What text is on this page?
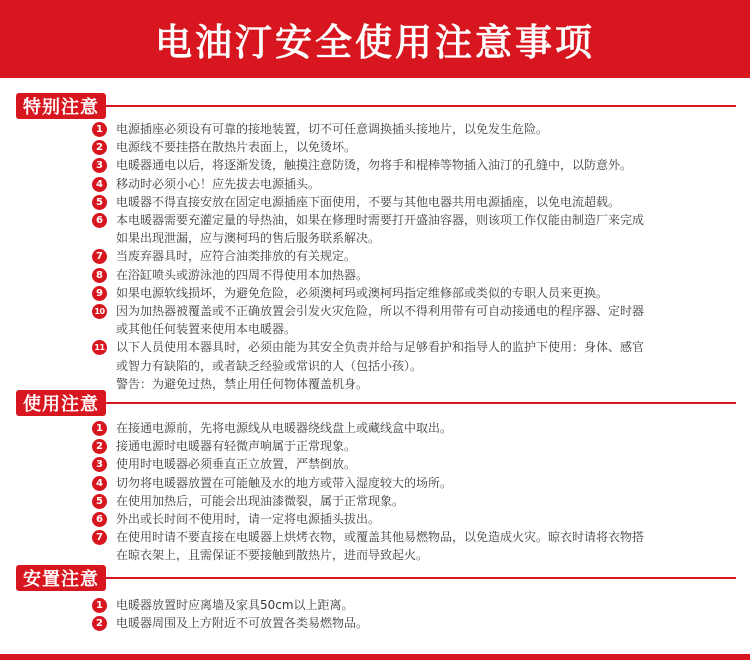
电油汀安全使用注意事项
特别注意
1	电源插座必须设有可靠的接地装置，切不可任意调换插头接地片，以免发生危险。
2	电源线不要挂搭在散热片表面上，以免烫坏。
3	电暖器通电以后，将逐渐发烫，触摸注意防烫，勿将手和棍棒等物插入油汀的孔缝中，以防意外。
4	移动时必须小心！应先拔去电源插头。
5	电暖器不得直接安放在固定电源插座下面使用，不要与其他电器共用电源插座，以免电流超载。
6	本电暖器需要充灌定量的导热油，如果在修理时需要打开盛油容器，则该项工作仅能由制造厂来完成
如果出现泄漏，应与澳柯玛的售后服务联系解决。
7	当废弃器具时，应符合油类排放的有关规定。
8	在浴缸喷头或游泳池的四周不得使用本加热器。
9	如果电源软线损坏，为避免危险，必须澳柯玛或澳柯玛指定维修部或类似的专职人员来更换。
10 因为加热器被覆盖或不正确放置会引发火灾危险，所以不得利用带有可自动接通电的程序器、定时器
或其他任何装置来使用本电暖器。
11 以下人员使用本器具时，必须由能为其安全负责并给与足够看护和指导人的监护下使用：身体、感官
或智力有缺陷的，或者缺乏经验或常识的人（包括小孩）。
警告：为避免过热，禁止用任何物体覆盖机身。
使用注意
1	在接通电源前，先将电源线从电暖器绕线盘上或藏线盒中取出。
2	接通电源时电暖器有轻微声响属于正常现象。
3	使用时电暖器必须垂直正立放置，严禁倒放。
4	切勿将电暖器放置在可能触及水的地方或带入湿度较大的场所。
5	在使用加热后，可能会出现油漆微裂，属于正常现象。
6	外出或长时间不使用时，请一定将电源插头拔出。
7	在使用时请不要直接在电暖器上烘烤衣物，或覆盖其他易燃物品，以免造成火灾。晾衣时请将衣物搭
在晾衣架上，且需保证不要接触到散热片，进而导致起火。
安置注意
1	电暖器放置时应离墙及家具50cm以上距离。
2	电暖器周围及上方附近不可放置各类易燃物品。
